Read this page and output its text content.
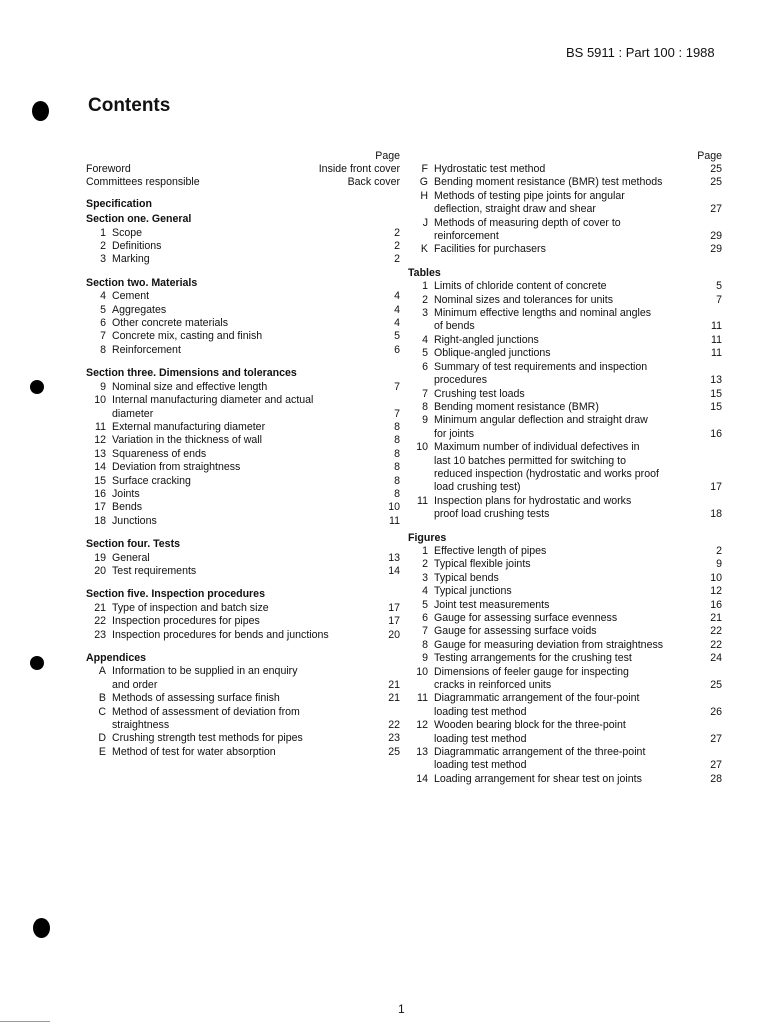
BS 5911 : Part 100 : 1988
Contents
Page
Foreword	Inside front cover
Committees responsible	Back cover
Specification
Section one. General
1 Scope	2
2 Definitions	2
3 Marking	2
Section two. Materials
4 Cement	4
5 Aggregates	4
6 Other concrete materials	4
7 Concrete mix, casting and finish	5
8 Reinforcement	6
Section three. Dimensions and tolerances
9 Nominal size and effective length	7
10 Internal manufacturing diameter and actual
diameter	7
11 External manufacturing diameter	8
12 Variation in the thickness of wall	8
13 Squareness of ends	8
14 Deviation from straightness	8
15 Surface cracking	8
16 Joints	8
17 Bends	10
18 Junctions	11
Section four. Tests
19 General	13
20 Test requirements	14
Section five. Inspection procedures
21 Type of inspection and batch size	17
22 Inspection procedures for pipes	17
23 Inspection procedures for bends and junctions	20
Appendices
A Information to be supplied in an enquiry
and order	21
B Methods of assessing surface finish	21
C Method of assessment of deviation from
straightness	22
D Crushing strength test methods for pipes	23
E Method of test for water absorption	25
Page
F Hydrostatic test method	25
G Bending moment resistance (BMR) test methods	25
H Methods of testing pipe joints for angular
deflection, straight draw and shear	27
J Methods of measuring depth of cover to
reinforcement	29
K Facilities for purchasers	29
Tables
1 Limits of chloride content of concrete	5
2 Nominal sizes and tolerances for units	7
3 Minimum effective lengths and nominal angles
of bends	11
4 Right-angled junctions	11
5 Oblique-angled junctions	11
6 Summary of test requirements and inspection
procedures	13
7 Crushing test loads	15
8 Bending moment resistance (BMR)	15
9 Minimum angular deflection and straight draw
for joints	16
10 Maximum number of individual defectives in
last 10 batches permitted for switching to
reduced inspection (hydrostatic and works proof
load crushing test)	17
11 Inspection plans for hydrostatic and works
proof load crushing tests	18
Figures
1 Effective length of pipes	2
2 Typical flexible joints	9
3 Typical bends	10
4 Typical junctions	12
5 Joint test measurements	16
6 Gauge for assessing surface evenness	21
7 Gauge for assessing surface voids	22
8 Gauge for measuring deviation from straightness	22
9 Testing arrangements for the crushing test	24
10 Dimensions of feeler gauge for inspecting
cracks in reinforced units	25
11 Diagrammatic arrangement of the four-point
loading test method	26
12 Wooden bearing block for the three-point
loading test method	27
13 Diagrammatic arrangement of the three-point
loading test method	27
14 Loading arrangement for shear test on joints	28
1
